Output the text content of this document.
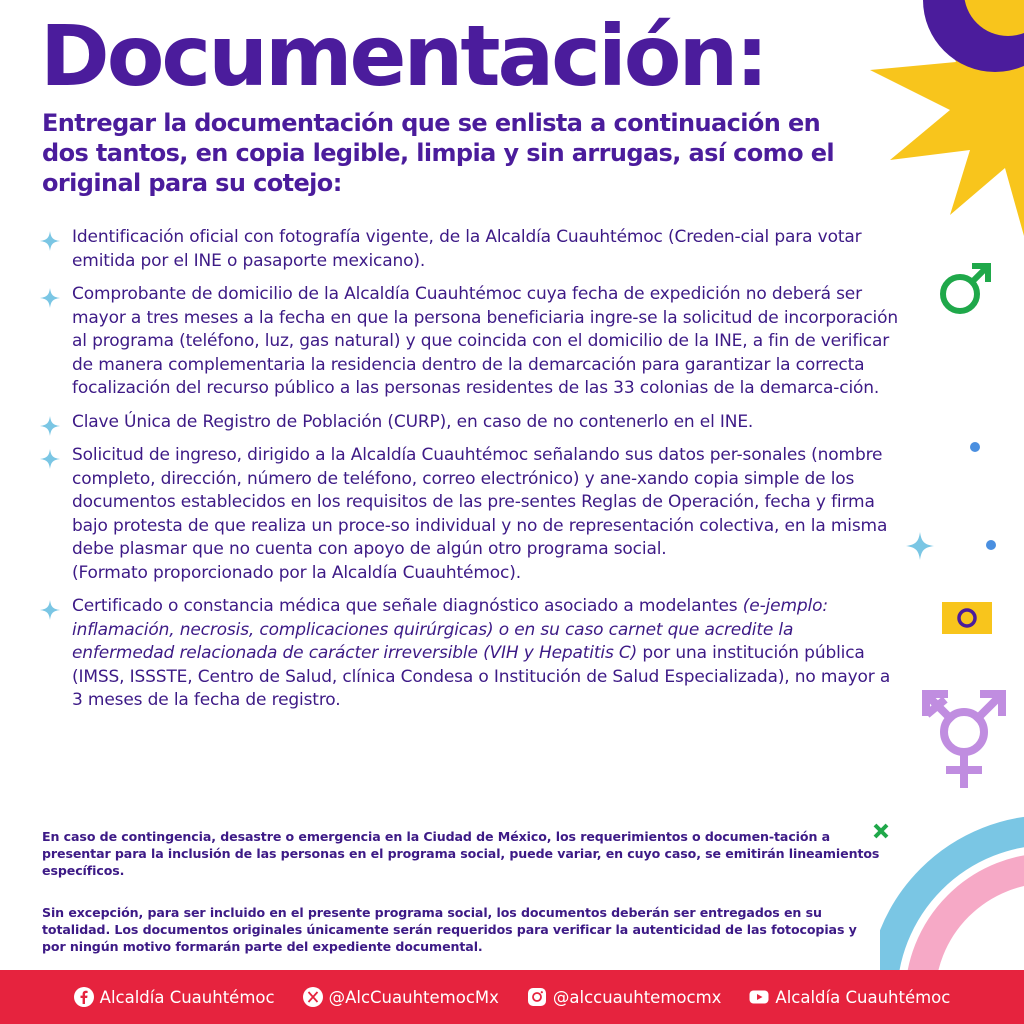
Documentación:
Entregar la documentación que se enlista a continuación en dos tantos, en copia legible, limpia y sin arrugas, así como el original para su cotejo:
Identificación oficial con fotografía vigente, de la Alcaldía Cuauhtémoc (Creden-cial para votar emitida por el INE o pasaporte mexicano).
Comprobante de domicilio de la Alcaldía Cuauhtémoc cuya fecha de expedición no deberá ser mayor a tres meses a la fecha en que la persona beneficiaria ingre-se la solicitud de incorporación al programa (teléfono, luz, gas natural) y que coincida con el domicilio de la INE, a fin de verificar de manera complementaria la residencia dentro de la demarcación para garantizar la correcta focalización del recurso público a las personas residentes de las 33 colonias de la demarca-ción.
Clave Única de Registro de Población (CURP), en caso de no contenerlo en el INE.
Solicitud de ingreso, dirigido a la Alcaldía Cuauhtémoc señalando sus datos per-sonales (nombre completo, dirección, número de teléfono, correo electrónico) y ane-xando copia simple de los documentos establecidos en los requisitos de las pre-sentes Reglas de Operación, fecha y firma bajo protesta de que realiza un proce-so individual y no de representación colectiva, en la misma debe plasmar que no cuenta con apoyo de algún otro programa social.
(Formato proporcionado por la Alcaldía Cuauhtémoc).
Certificado o constancia médica que señale diagnóstico asociado a modelantes (e-jemplo: inflamación, necrosis, complicaciones quirúrgicas) o en su caso carnet que acredite la enfermedad relacionada de carácter irreversible (VIH y Hepatitis C) por una institución pública (IMSS, ISSSTE, Centro de Salud, clínica Condesa o Institución de Salud Especializada), no mayor a 3 meses de la fecha de registro.
En caso de contingencia, desastre o emergencia en la Ciudad de México, los requerimientos o documen-tación a presentar para la inclusión de las personas en el programa social, puede variar, en cuyo caso, se emitirán lineamientos específicos.
Sin excepción, para ser incluido en el presente programa social, los documentos deberán ser entregados en su totalidad. Los documentos originales únicamente serán requeridos para verificar la autenticidad de las fotocopias y por ningún motivo formarán parte del expediente documental.
Alcaldía Cuauhtémoc	@AlcCuauhtemocMx	@alccuauhtemocmx	Alcaldía Cuauhtémoc
